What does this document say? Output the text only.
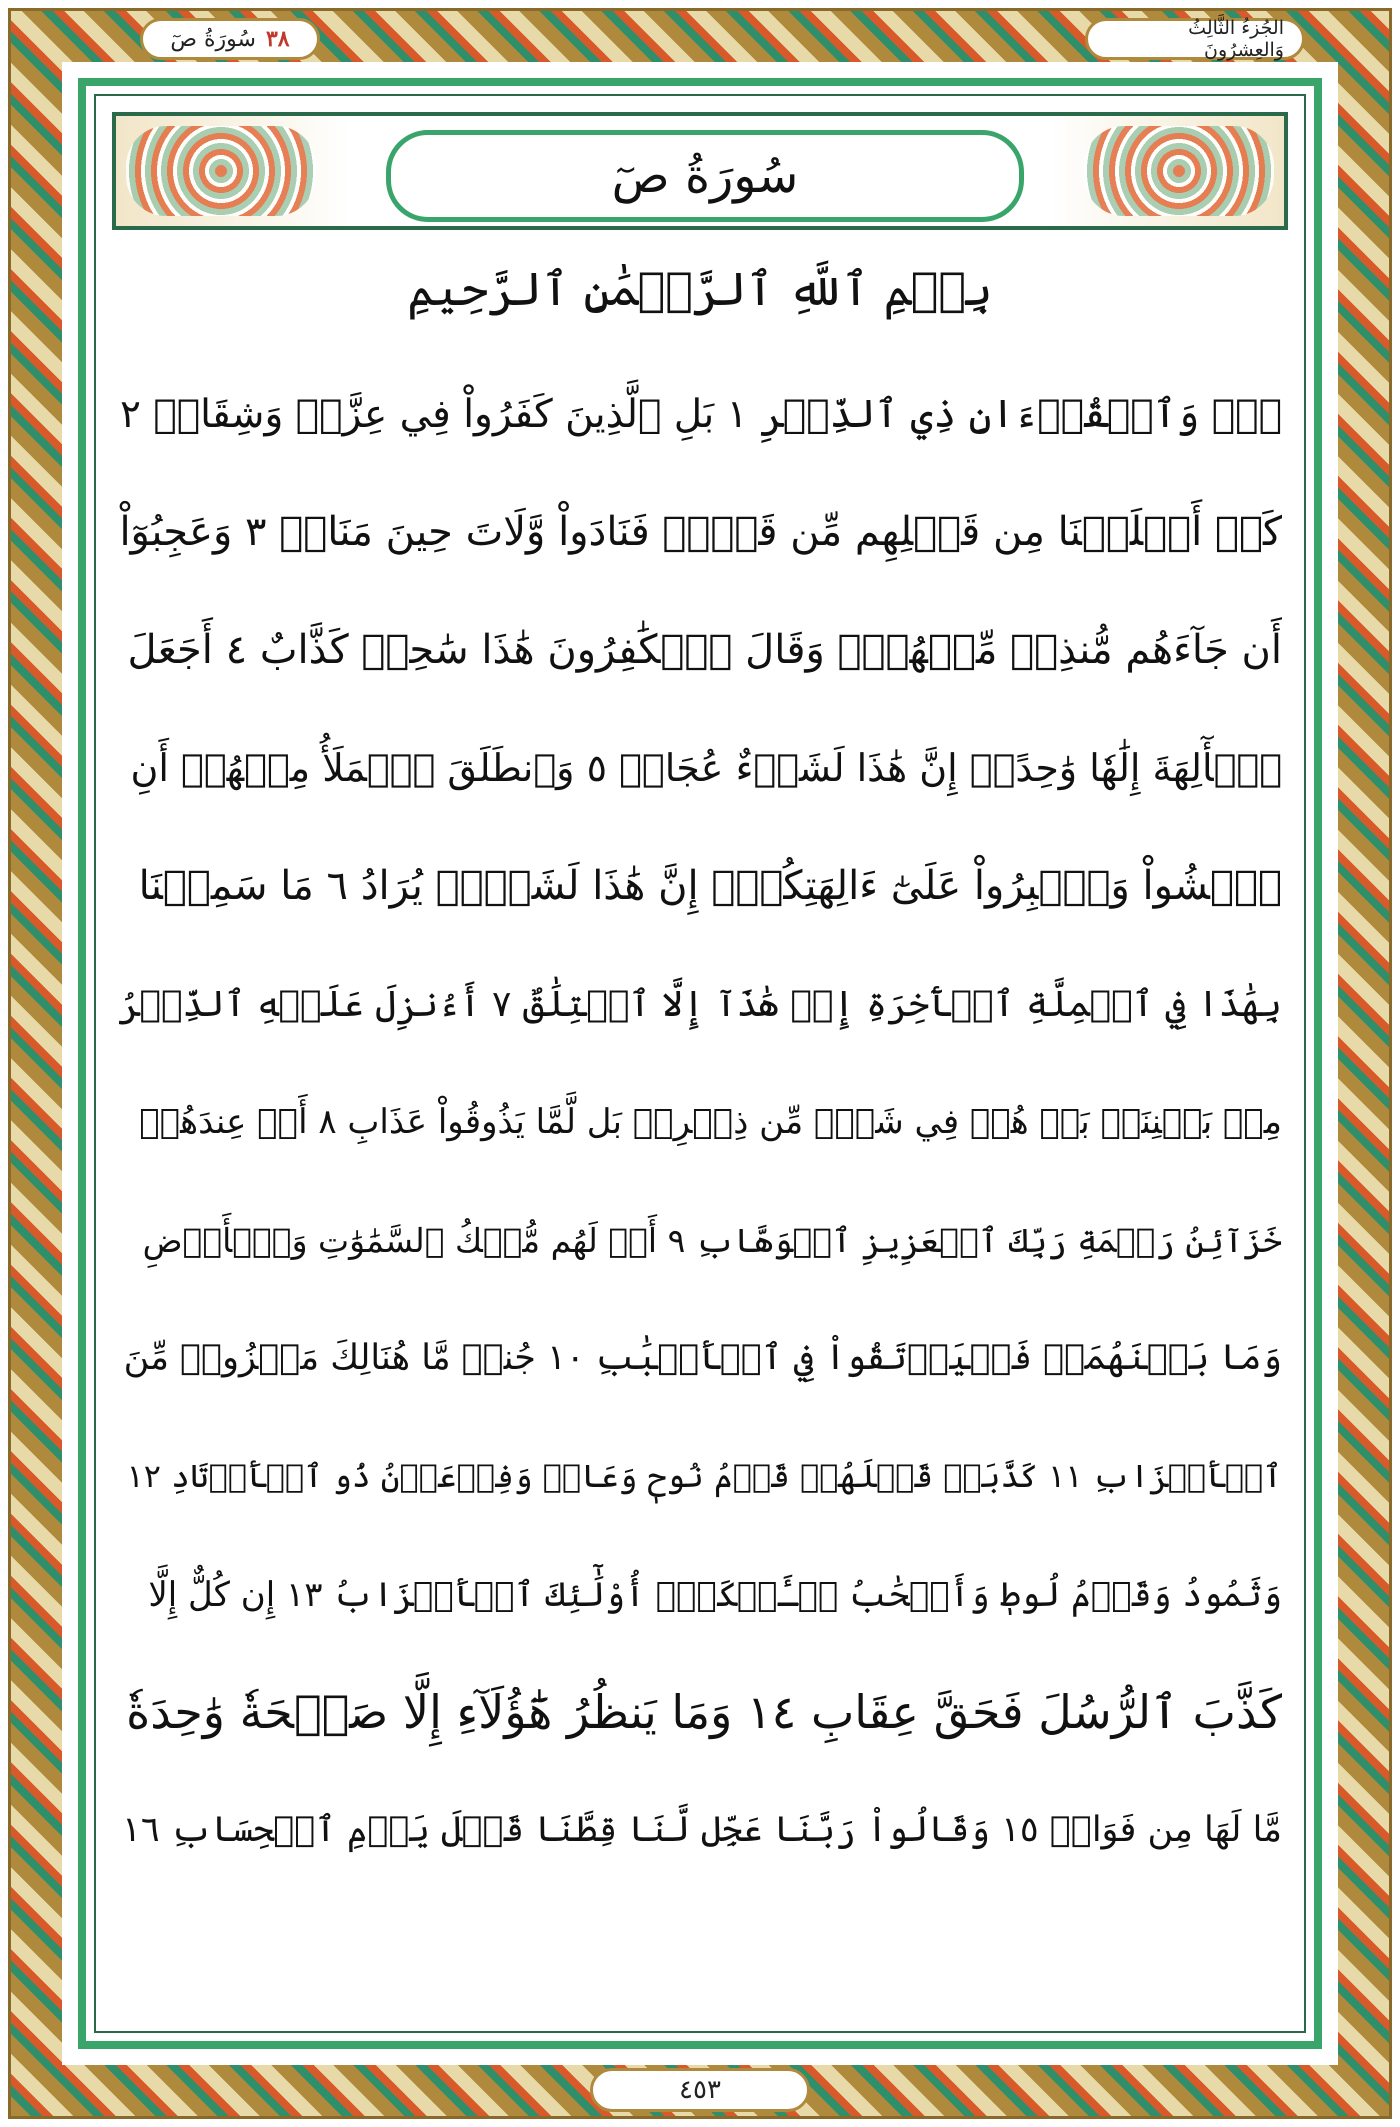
٣٨
سُورَةُ صٓ	الجُزءُ الثَّالِثُ وَالعِشرُونَ
سُورَةُ صٓ
بِسۡمِ ٱللَّهِ ٱلرَّحۡمَٰنِ ٱلرَّحِيمِ
صٓۚ وَٱلۡقُرۡءَانِ ذِي ٱلذِّكۡرِ ١ بَلِ ٱلَّذِينَ كَفَرُواْ فِي عِزَّةٖ وَشِقَاقٖ ٢
كَمۡ أَهۡلَكۡنَا مِن قَبۡلِهِم مِّن قَرۡنٖ فَنَادَواْ وَّلَاتَ حِينَ مَنَاصٖ ٣ وَعَجِبُوٓاْ
أَن جَآءَهُم مُّنذِرٞ مِّنۡهُمۡۖ وَقَالَ ٱلۡكَٰفِرُونَ هَٰذَا سَٰحِرٞ كَذَّابٌ ٤ أَجَعَلَ
ٱلۡأٓلِهَةَ إِلَٰهٗا وَٰحِدًاۖ إِنَّ هَٰذَا لَشَيۡءٌ عُجَابٞ ٥ وَٱنطَلَقَ ٱلۡمَلَأُ مِنۡهُمۡ أَنِ
ٱمۡشُواْ وَٱصۡبِرُواْ عَلَىٰٓ ءَالِهَتِكُمۡۖ إِنَّ هَٰذَا لَشَيۡءٞ يُرَادُ ٦ مَا سَمِعۡنَا
بِهَٰذَا فِي ٱلۡمِلَّةِ ٱلۡأٓخِرَةِ إِنۡ هَٰذَآ إِلَّا ٱخۡتِلَٰقٌ ٧ أَءُنزِلَ عَلَيۡهِ ٱلذِّكۡرُ
مِنۢ بَيۡنِنَاۚ بَلۡ هُمۡ فِي شَكّٖ مِّن ذِكۡرِيۚ بَل لَّمَّا يَذُوقُواْ عَذَابِ ٨ أَمۡ عِندَهُمۡ
خَزَآئِنُ رَحۡمَةِ رَبِّكَ ٱلۡعَزِيزِ ٱلۡوَهَّابِ ٩ أَمۡ لَهُم مُّلۡكُ ٱلسَّمَٰوَٰتِ وَٱلۡأَرۡضِ
وَمَا بَيۡنَهُمَاۖ فَلۡيَرۡتَقُواْ فِي ٱلۡأَسۡبَٰبِ ١٠ جُندٞ مَّا هُنَالِكَ مَهۡزُومٞ مِّنَ
ٱلۡأَحۡزَابِ ١١ كَذَّبَتۡ قَبۡلَهُمۡ قَوۡمُ نُوحٖ وَعَادٞ وَفِرۡعَوۡنُ ذُو ٱلۡأَوۡتَادِ ١٢
وَثَمُودُ وَقَوۡمُ لُوطٖ وَأَصۡحَٰبُ لۡـَٔيۡكَةِۚ أُوْلَٰٓئِكَ ٱلۡأَحۡزَابُ ١٣ إِن كُلٌّ إِلَّا
كَذَّبَ ٱلرُّسُلَ فَحَقَّ عِقَابِ ١٤ وَمَا يَنظُرُ هَٰٓؤُلَآءِ إِلَّا صَيۡحَةٗ وَٰحِدَةٗ
مَّا لَهَا مِن فَوَاقٖ ١٥ وَقَالُواْ رَبَّنَا عَجِّل لَّنَا قِطَّنَا قَبۡلَ يَوۡمِ ٱلۡحِسَابِ ١٦
٤٥٣
